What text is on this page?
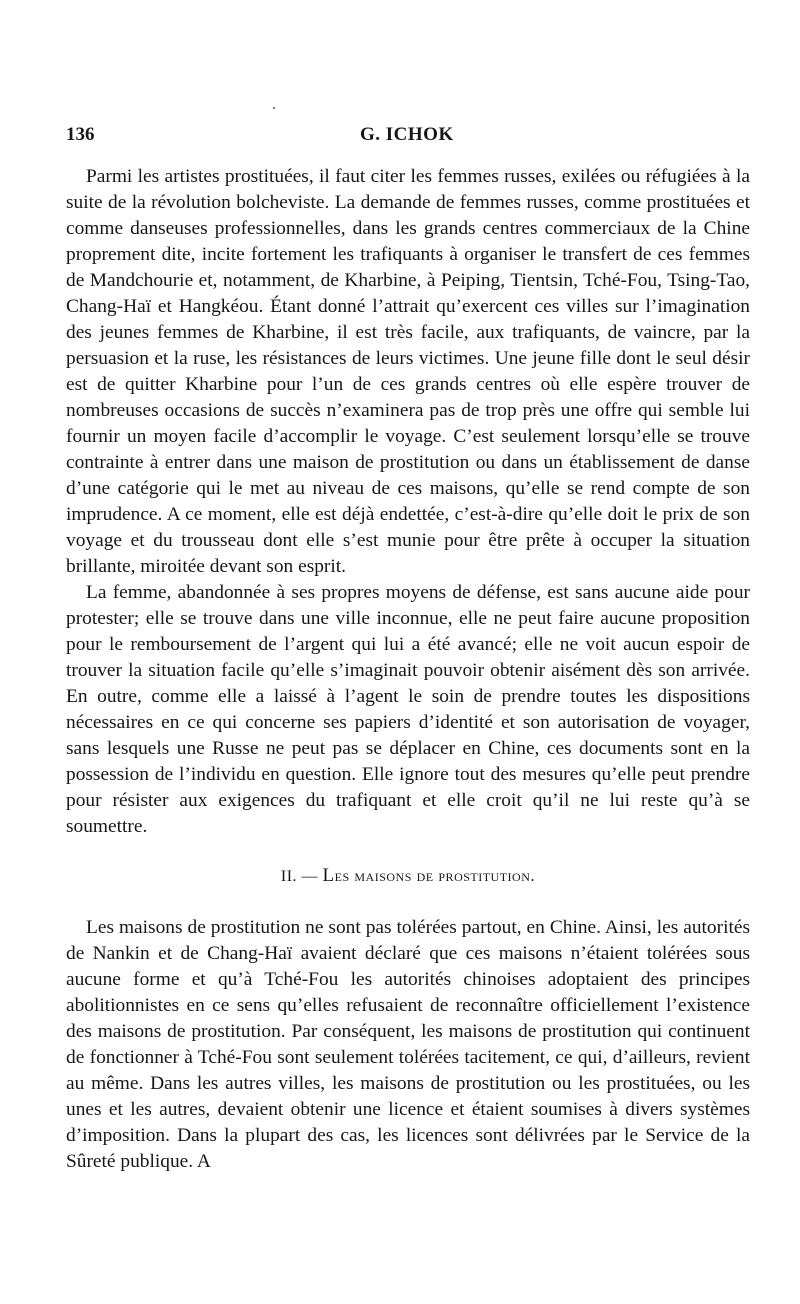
136	G. ICHOK

Parmi les artistes prostituées, il faut citer les femmes russes, exilées ou réfugiées à la suite de la révolution bolcheviste. La demande de femmes russes, comme prostituées et comme danseuses professionnelles, dans les grands centres commerciaux de la Chine proprement dite, incite fortement les trafiquants à organiser le transfert de ces femmes de Mandchourie et, notamment, de Kharbine, à Peiping, Tientsin, Tché-Fou, Tsing-Tao, Chang-Haï et Hangkéou. Étant donné l’attrait qu’exercent ces villes sur l’imagination des jeunes femmes de Kharbine, il est très facile, aux trafiquants, de vaincre, par la persuasion et la ruse, les résistances de leurs victimes. Une jeune fille dont le seul désir est de quitter Kharbine pour l’un de ces grands centres où elle espère trouver de nombreuses occasions de succès n’examinera pas de trop près une offre qui semble lui fournir un moyen facile d’accomplir le voyage. C’est seulement lorsqu’elle se trouve contrainte à entrer dans une maison de prostitution ou dans un établissement de danse d’une catégorie qui le met au niveau de ces maisons, qu’elle se rend compte de son imprudence. A ce moment, elle est déjà endettée, c’est-à-dire qu’elle doit le prix de son voyage et du trousseau dont elle s’est munie pour être prête à occuper la situation brillante, miroitée devant son esprit.

La femme, abandonnée à ses propres moyens de défense, est sans aucune aide pour protester; elle se trouve dans une ville inconnue, elle ne peut faire aucune proposition pour le remboursement de l’argent qui lui a été avancé; elle ne voit aucun espoir de trouver la situation facile qu’elle s’imaginait pouvoir obtenir aisément dès son arrivée. En outre, comme elle a laissé à l’agent le soin de prendre toutes les dispositions nécessaires en ce qui concerne ses papiers d’identité et son autorisation de voyager, sans lesquels une Russe ne peut pas se déplacer en Chine, ces documents sont en la possession de l’individu en question. Elle ignore tout des mesures qu’elle peut prendre pour résister aux exigences du trafiquant et elle croit qu’il ne lui reste qu’à se soumettre.

II. — Les maisons de prostitution.

Les maisons de prostitution ne sont pas tolérées partout, en Chine. Ainsi, les autorités de Nankin et de Chang-Haï avaient déclaré que ces maisons n’étaient tolérées sous aucune forme et qu’à Tché-Fou les autorités chinoises adoptaient des principes abolitionnistes en ce sens qu’elles refusaient de reconnaître officiellement l’existence des maisons de prostitution. Par conséquent, les maisons de prostitution qui continuent de fonctionner à Tché-Fou sont seulement tolérées tacitement, ce qui, d’ailleurs, revient au même. Dans les autres villes, les maisons de prostitution ou les prostituées, ou les unes et les autres, devaient obtenir une licence et étaient soumises à divers systèmes d’imposition. Dans la plupart des cas, les licences sont délivrées par le Service de la Sûreté publique. A
